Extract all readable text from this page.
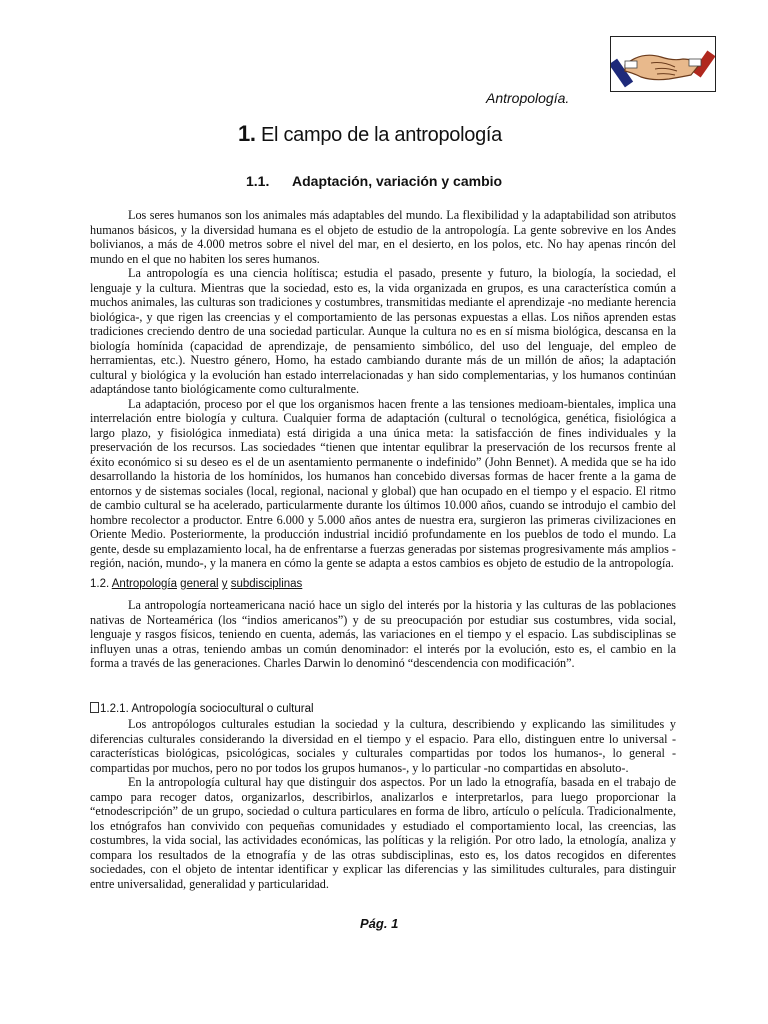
Antropología.
1. El campo de la antropología
1.1. Adaptación, variación y cambio

Los seres humanos son los animales más adaptables del mundo. La flexibilidad y la adaptabilidad son atributos humanos básicos, y la diversidad humana es el objeto de estudio de la antropología. La gente sobrevive en los Andes bolivianos, a más de 4.000 metros sobre el nivel del mar, en el desierto, en los polos, etc. No hay apenas rincón del mundo en el que no habiten los seres humanos.

La antropología es una ciencia holítisca; estudia el pasado, presente y futuro, la biología, la sociedad, el lenguaje y la cultura. Mientras que la sociedad, esto es, la vida organizada en grupos, es una característica común a muchos animales, las culturas son tradiciones y costumbres, transmitidas mediante el aprendizaje -no mediante herencia biológica-, y que rigen las creencias y el comportamiento de las personas expuestas a ellas. Los niños aprenden estas tradiciones creciendo dentro de una sociedad particular. Aunque la cultura no es en sí misma biológica, descansa en la biología homínida (capacidad de aprendizaje, de pensamiento simbólico, del uso del lenguaje, del empleo de herramientas, etc.). Nuestro género, Homo, ha estado cambiando durante más de un millón de años; la adaptación cultural y biológica y la evolución han estado interrelacionadas y han sido complementarias, y los humanos continúan adaptándose tanto biológicamente como culturalmente.

La adaptación, proceso por el que los organismos hacen frente a las tensiones medioam-bientales, implica una interrelación entre biología y cultura. Cualquier forma de adaptación (cultural o tecnológica, genética, fisiológica a largo plazo, y fisiológica inmediata) está dirigida a una única meta: la satisfacción de fines individuales y la preservación de los recursos. Las sociedades “tienen que intentar equlibrar la preservación de los recursos frente al éxito económico si su deseo es el de un asentamiento permanente o indefinido” (John Bennet). A medida que se ha ido desarrollando la historia de los homínidos, los humanos han concebido diversas formas de hacer frente a la gama de entornos y de sistemas sociales (local, regional, nacional y global) que han ocupado en el tiempo y el espacio. El ritmo de cambio cultural se ha acelerado, particularmente durante los últimos 10.000 años, cuando se introdujo el cambio del hombre recolector a productor. Entre 6.000 y 5.000 años antes de nuestra era, surgieron las primeras civilizaciones en Oriente Medio. Posteriormente, la producción industrial incidió profundamente en los pueblos de todo el mundo. La gente, desde su emplazamiento local, ha de enfrentarse a fuerzas generadas por sistemas progresivamente más amplios -región, nación, mundo-, y la manera en cómo la gente se adapta a estos cambios es objeto de estudio de la antropología.

1.2. Antropología general y subdisciplinas

La antropología norteamericana nació hace un siglo del interés por la historia y las culturas de las poblaciones nativas de Norteamérica (los “indios americanos”) y de su preocupación por estudiar sus costumbres, vida social, lenguaje y rasgos físicos, teniendo en cuenta, además, las variaciones en el tiempo y el espacio. Las subdisciplinas se influyen unas a otras, teniendo ambas un común denominador: el interés por la evolución, esto es, el cambio en la forma a través de las generaciones. Charles Darwin lo denominó “descendencia con modificación”.

1.2.1. Antropología sociocultural o cultural

Los antropólogos culturales estudian la sociedad y la cultura, describiendo y explicando las similitudes y diferencias culturales considerando la diversidad en el tiempo y el espacio. Para ello, distinguen entre lo universal -características biológicas, psicológicas, sociales y culturales compartidas por todos los humanos-, lo general -compartidas por muchos, pero no por todos los grupos humanos-, y lo particular -no compartidas en absoluto-.

En la antropología cultural hay que distinguir dos aspectos. Por un lado la etnografía, basada en el trabajo de campo para recoger datos, organizarlos, describirlos, analizarlos e interpretarlos, para luego proporcionar la “etnodescripción” de un grupo, sociedad o cultura particulares en forma de libro, artículo o película. Tradicionalmente, los etnógrafos han convivido con pequeñas comunidades y estudiado el comportamiento local, las creencias, las costumbres, la vida social, las actividades económicas, las políticas y la religión. Por otro lado, la etnología, analiza y compara los resultados de la etnografía y de las otras subdisciplinas, esto es, los datos recogidos en diferentes sociedades, con el objeto de intentar identificar y explicar las diferencias y las similitudes culturales, para distinguir entre universalidad, generalidad y particularidad.

Pág. 1
